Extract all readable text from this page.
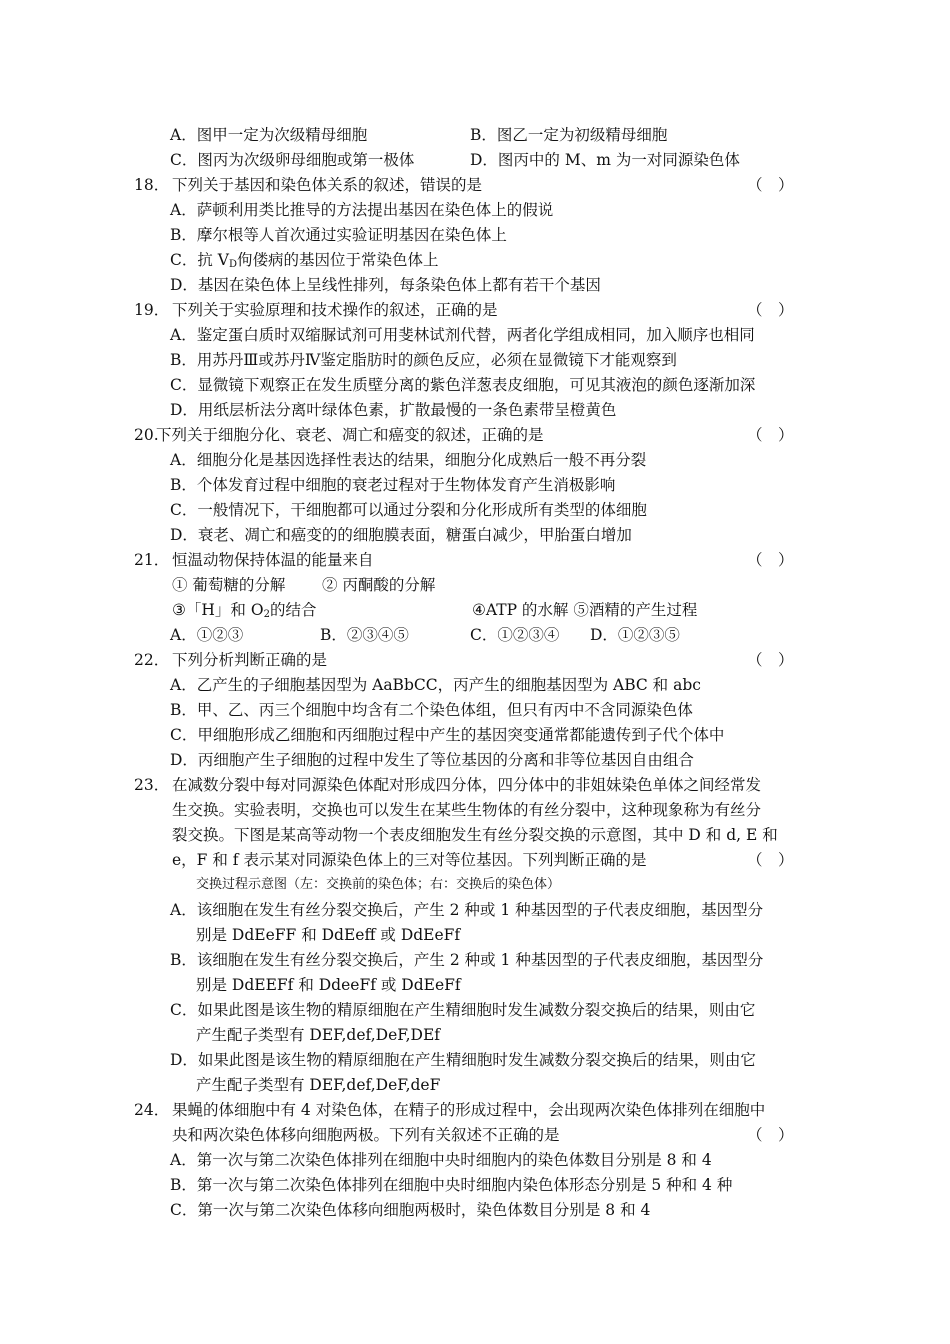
A．图甲一定为次级精母细胞	B．图乙一定为初级精母细胞
C．图丙为次级卵母细胞或第一极体	D．图丙中的 M、m 为一对同源染色体
18． 下列关于基因和染色体关系的叙述，错误的是	（　）
A．萨顿利用类比推导的方法提出基因在染色体上的假说
B．摩尔根等人首次通过实验证明基因在染色体上
C．抗 $V_D$佝偻病的基因位于常染色体上
D．基因在染色体上呈线性排列，每条染色体上都有若干个基因
19． 下列关于实验原理和技术操作的叙述，正确的是	（　）
A．鉴定蛋白质时双缩脲试剂可用斐林试剂代替，两者化学组成相同，加入顺序也相同
B．用苏丹Ⅲ或苏丹Ⅳ鉴定脂肪时的颜色反应，必须在显微镜下才能观察到
C．显微镜下观察正在发生质壁分离的紫色洋葱表皮细胞，可见其液泡的颜色逐渐加深
D．用纸层析法分离叶绿体色素，扩散最慢的一条色素带呈橙黄色
20.
下列关于细胞分化、衰老、凋亡和癌变的叙述，正确的是	（　）
A．细胞分化是基因选择性表达的结果，细胞分化成熟后一般不再分裂
B．个体发育过程中细胞的衰老过程对于生物体发育产生消极影响
C．一般情况下，干细胞都可以通过分裂和分化形成所有类型的体细胞
D．衰老、凋亡和癌变的的细胞膜表面，糖蛋白减少，甲胎蛋白增加
21． 恒温动物保持体温的能量来自	（　）
① 葡萄糖的分解 ② 丙酮酸的分解
③「H」和 $O_2$的结合	④ATP 的水解 ⑤酒精的产生过程
A．①②③	B．②③④⑤	C．①②③④ D．①②③⑤
22． 下列分析判断正确的是	（　）
A．乙产生的子细胞基因型为 AaBbCC，丙产生的细胞基因型为 ABC 和 abc
B．甲、乙、丙三个细胞中均含有二个染色体组，但只有丙中不含同源染色体
C．甲细胞形成乙细胞和丙细胞过程中产生的基因突变通常都能遗传到子代个体中
D．丙细胞产生子细胞的过程中发生了等位基因的分离和非等位基因自由组合
23． 在减数分裂中每对同源染色体配对形成四分体，四分体中的非姐妹染色单体之间经常发
生交换。实验表明，交换也可以发生在某些生物体的有丝分裂中，这种现象称为有丝分
裂交换。下图是某高等动物一个表皮细胞发生有丝分裂交换的示意图，其中 D 和 d, E 和
e，F 和 f 表示某对同源染色体上的三对等位基因。下列判断正确的是	（　）
交换过程示意图（左：交换前的染色体；右：交换后的染色体）
A．该细胞在发生有丝分裂交换后，产生 2 种或 1 种基因型的子代表皮细胞，基因型分
别是 DdEeFF 和 DdEeff 或 DdEeFf
B．该细胞在发生有丝分裂交换后，产生 2 种或 1 种基因型的子代表皮细胞，基因型分
别是 DdEEFf 和 DdeeFf 或 DdEeFf
C．如果此图是该生物的精原细胞在产生精细胞时发生减数分裂交换后的结果，则由它
产生配子类型有 DEF,def,DeF,DEf
D．如果此图是该生物的精原细胞在产生精细胞时发生减数分裂交换后的结果，则由它
产生配子类型有 DEF,def,DeF,deF
24． 果蝇的体细胞中有 4 对染色体，在精子的形成过程中，会出现两次染色体排列在细胞中
央和两次染色体移向细胞两极。下列有关叙述不正确的是	（　）
A．第一次与第二次染色体排列在细胞中央时细胞内的染色体数目分别是 8 和 4
B．第一次与第二次染色体排列在细胞中央时细胞内染色体形态分别是 5 种和 4 种
C．第一次与第二次染色体移向细胞两极时，染色体数目分别是 8 和 4
